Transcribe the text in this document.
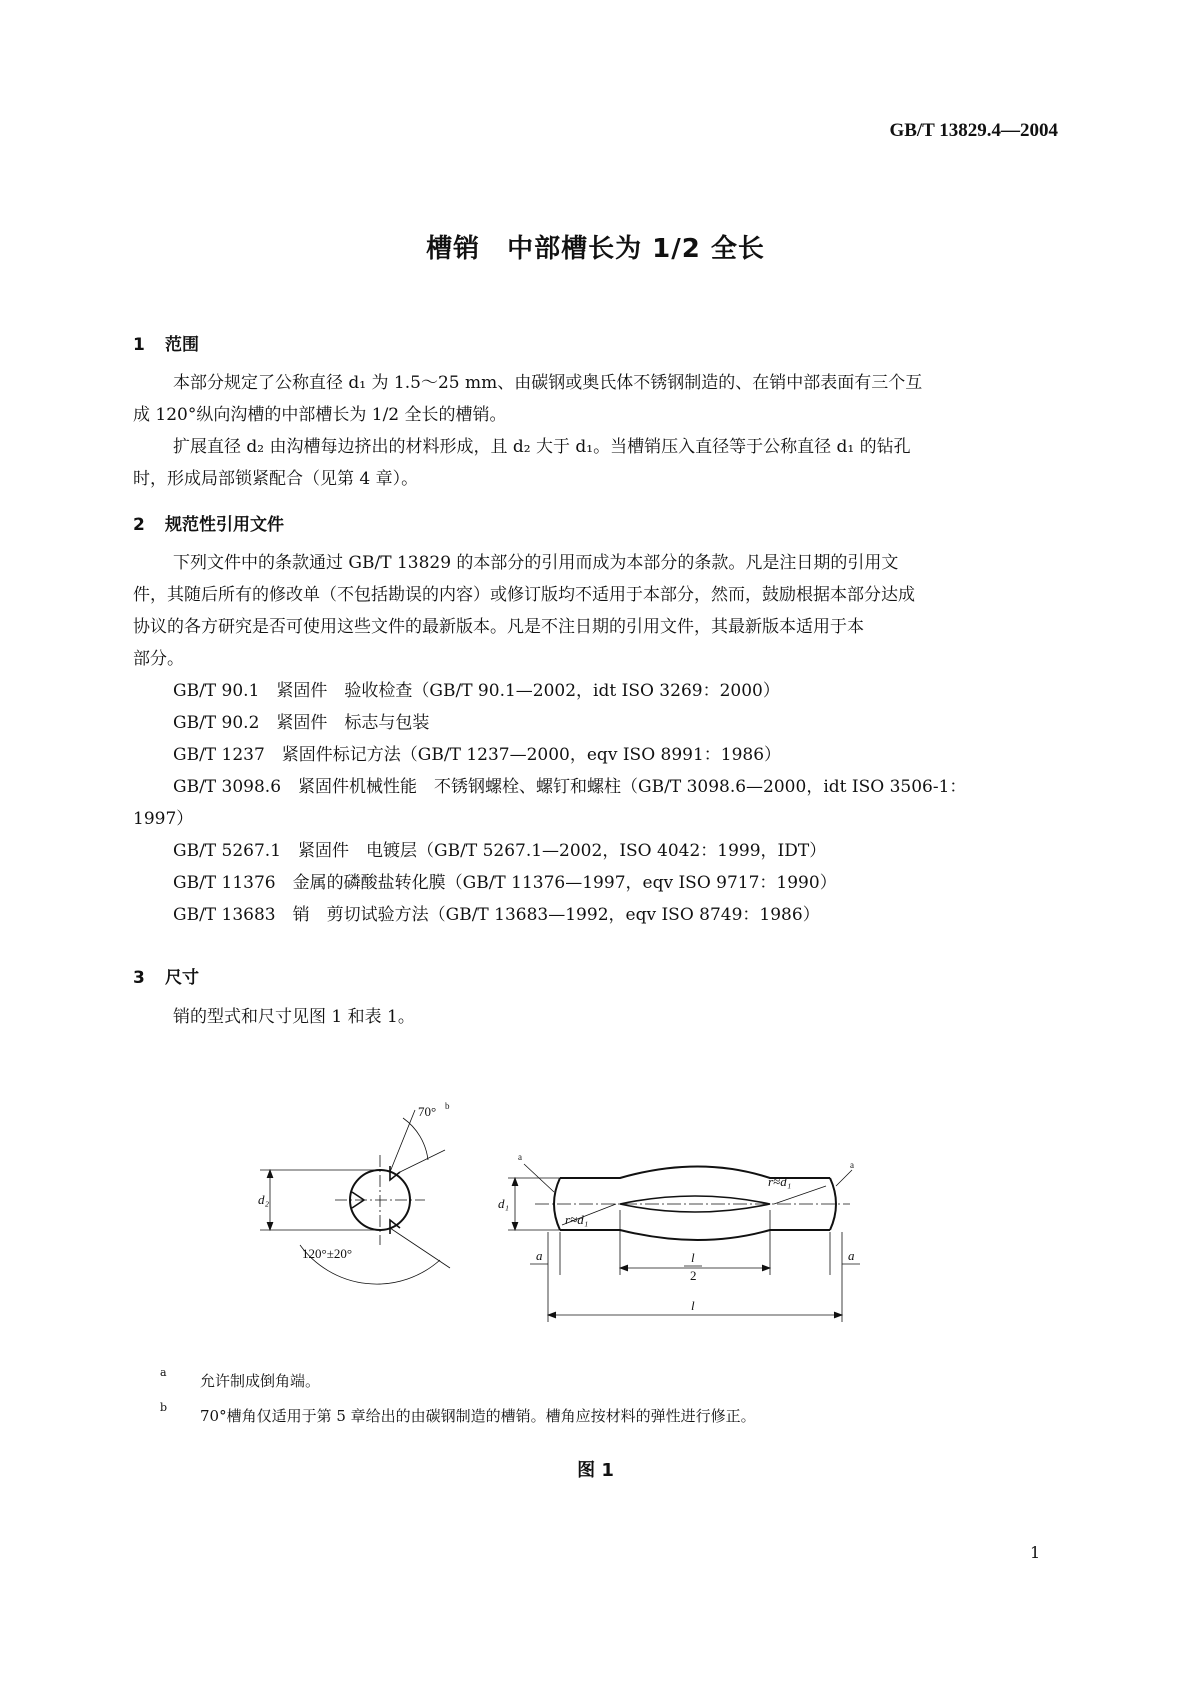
GB/T 13829.4—2004
槽销　中部槽长为 1/2 全长
1 范围
本部分规定了公称直径 d₁ 为 1.5～25 mm、由碳钢或奥氏体不锈钢制造的、在销中部表面有三个互
成 120°纵向沟槽的中部槽长为 1/2 全长的槽销。
扩展直径 d₂ 由沟槽每边挤出的材料形成，且 d₂ 大于 d₁。当槽销压入直径等于公称直径 d₁ 的钻孔
时，形成局部锁紧配合（见第 4 章）。
2 规范性引用文件
下列文件中的条款通过 GB/T 13829 的本部分的引用而成为本部分的条款。凡是注日期的引用文
件，其随后所有的修改单（不包括勘误的内容）或修订版均不适用于本部分，然而，鼓励根据本部分达成
协议的各方研究是否可使用这些文件的最新版本。凡是不注日期的引用文件，其最新版本适用于本
部分。
GB/T 90.1　紧固件　验收检查（GB/T 90.1—2002，idt ISO 3269：2000）
GB/T 90.2　紧固件　标志与包装
GB/T 1237　紧固件标记方法（GB/T 1237—2000，eqv ISO 8991：1986）
GB/T 3098.6　紧固件机械性能　不锈钢螺栓、螺钉和螺柱（GB/T 3098.6—2000，idt ISO 3506-1：
1997）
GB/T 5267.1　紧固件　电镀层（GB/T 5267.1—2002，ISO 4042：1999，IDT）
GB/T 11376　金属的磷酸盐转化膜（GB/T 11376—1997，eqv ISO 9717：1990）
GB/T 13683　销　剪切试验方法（GB/T 13683—1992，eqv ISO 8749：1986）
3 尺寸
销的型式和尺寸见图 1 和表 1。
70° b
d₂
120°±20°
d₁
a
a
r≈d₁
r≈d₁
a	a
l
2
l
a 允许制成倒角端。
b 70°槽角仅适用于第 5 章给出的由碳钢制造的槽销。槽角应按材料的弹性进行修正。
图 1
1
